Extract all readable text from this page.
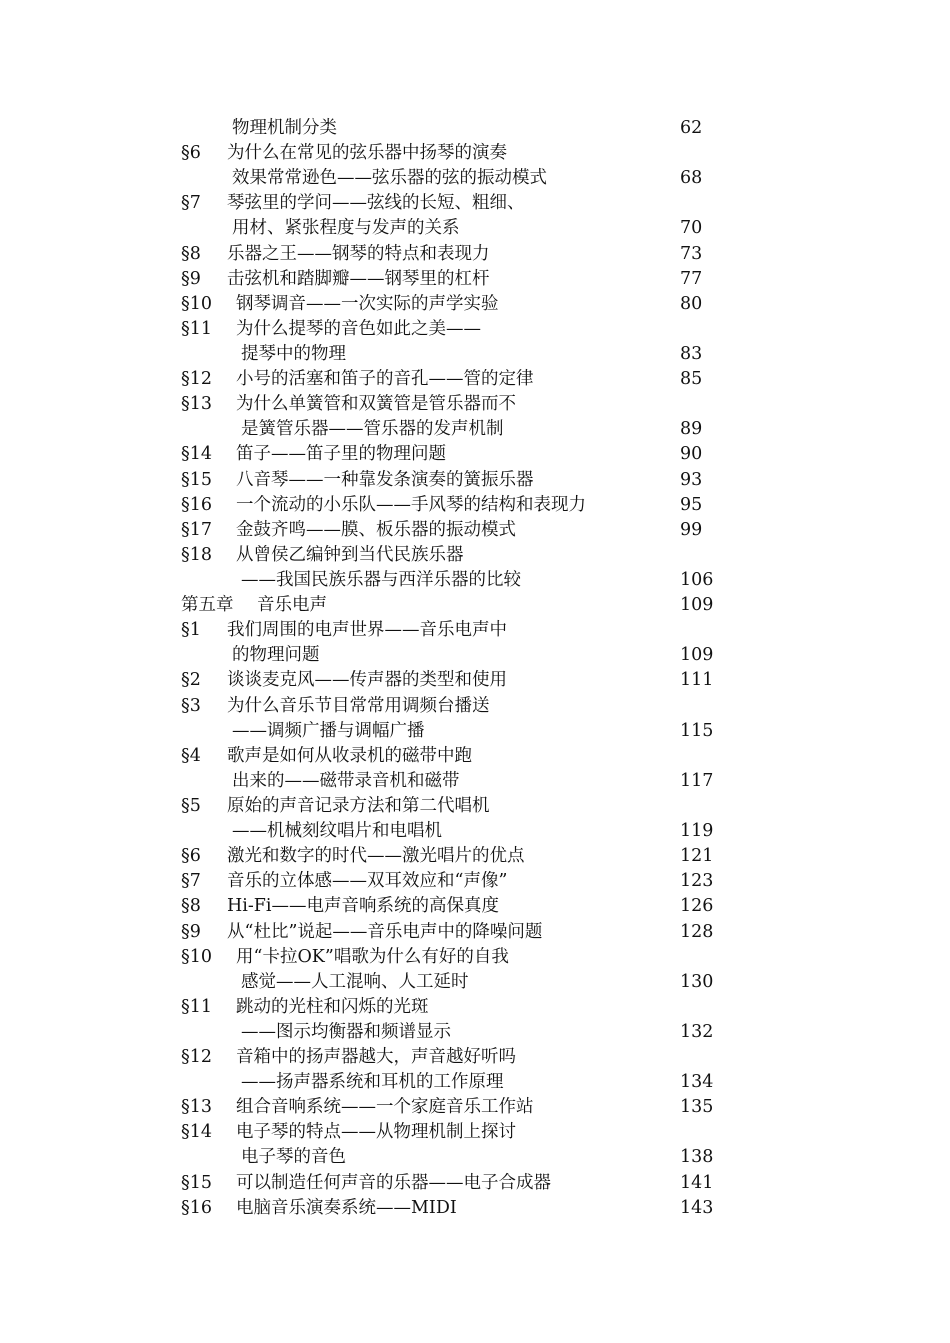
物理机制分类	62
§6 为什么在常见的弦乐器中扬琴的演奏
效果常常逊色——弦乐器的弦的振动模式	68
§7 琴弦里的学问——弦线的长短、粗细、
用材、紧张程度与发声的关系	70
§8 乐器之王——钢琴的特点和表现力	73
§9 击弦机和踏脚瓣——钢琴里的杠杆	77
§10 钢琴调音——一次实际的声学实验	80
§11 为什么提琴的音色如此之美——
提琴中的物理	83
§12 小号的活塞和笛子的音孔——管的定律	85
§13 为什么单簧管和双簧管是管乐器而不
是簧管乐器——管乐器的发声机制	89
§14 笛子——笛子里的物理问题	90
§15 八音琴——一种靠发条演奏的簧振乐器	93
§16 一个流动的小乐队——手风琴的结构和表现力	95
§17 金鼓齐鸣——膜、板乐器的振动模式	99
§18 从曾侯乙编钟到当代民族乐器
——我国民族乐器与西洋乐器的比较	106
第五章 音乐电声	109
§1 我们周围的电声世界——音乐电声中
的物理问题	109
§2 谈谈麦克风——传声器的类型和使用	111
§3 为什么音乐节目常常用调频台播送
——调频广播与调幅广播	115
§4 歌声是如何从收录机的磁带中跑
出来的——磁带录音机和磁带	117
§5 原始的声音记录方法和第二代唱机
——机械刻纹唱片和电唱机	119
§6 激光和数字的时代——激光唱片的优点	121
§7 音乐的立体感——双耳效应和“声像”	123
§8 Hi-Fi——电声音响系统的高保真度	126
§9 从“杜比”说起——音乐电声中的降噪问题	128
§10 用“卡拉OK”唱歌为什么有好的自我
感觉——人工混响、人工延时	130
§11 跳动的光柱和闪烁的光斑
——图示均衡器和频谱显示	132
§12 音箱中的扬声器越大，声音越好听吗
——扬声器系统和耳机的工作原理	134
§13 组合音响系统——一个家庭音乐工作站	135
§14 电子琴的特点——从物理机制上探讨
电子琴的音色	138
§15 可以制造任何声音的乐器——电子合成器	141
§16 电脑音乐演奏系统——MIDI	143
